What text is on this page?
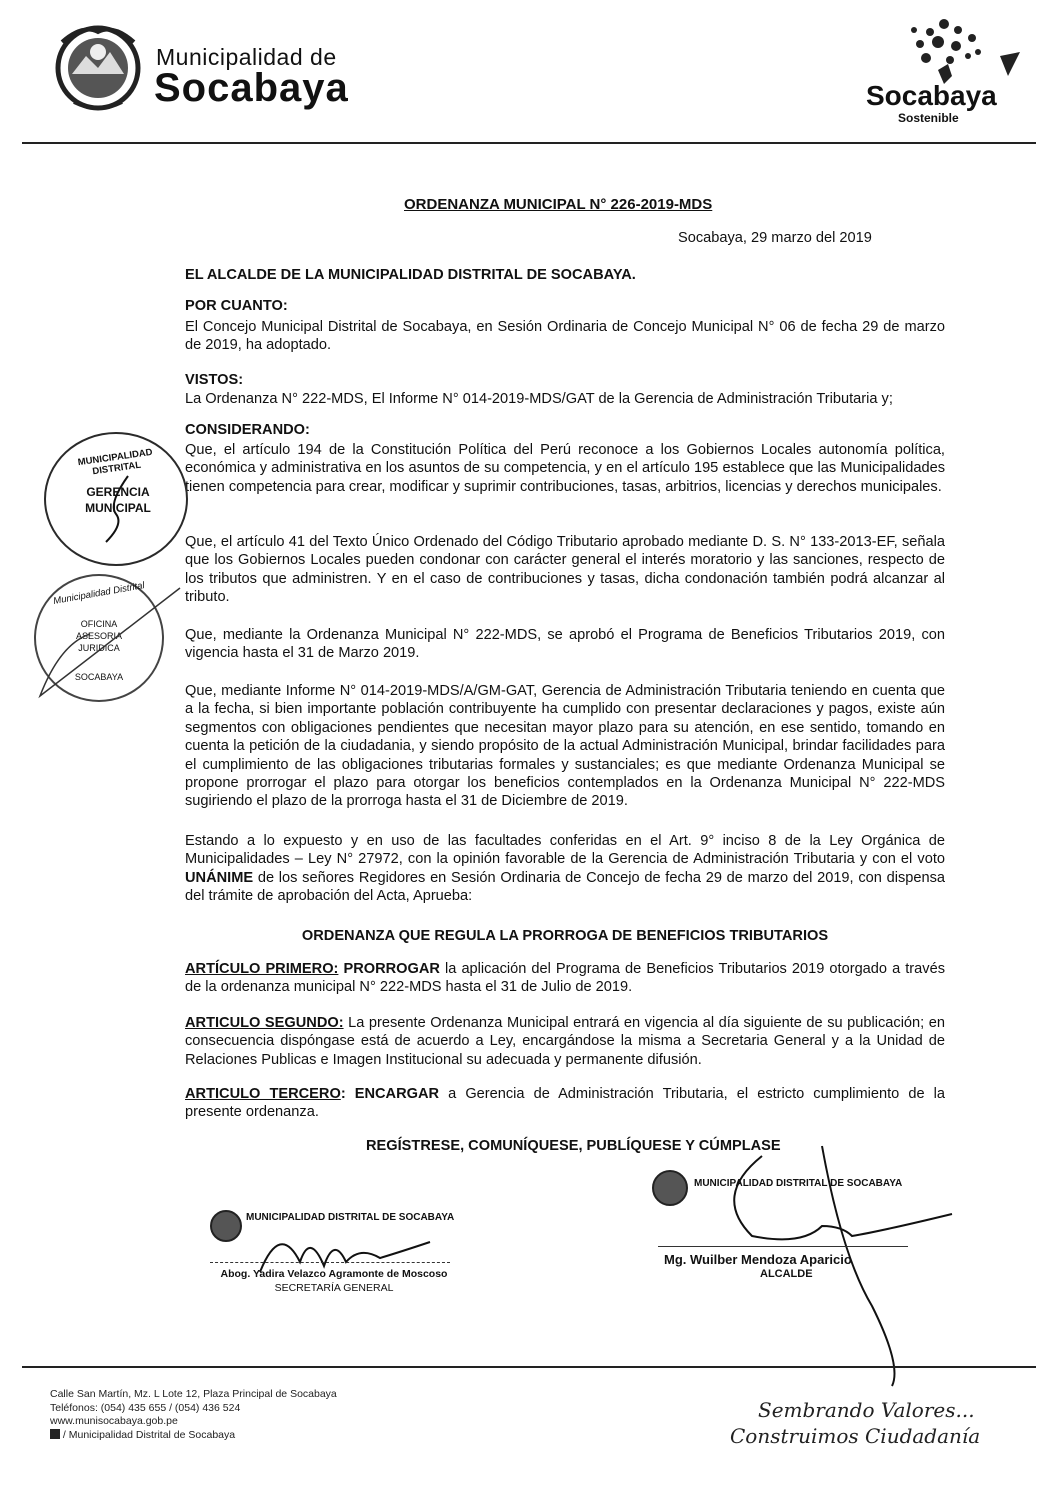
Municipalidad de
Socabaya	Socabaya
Sostenible
ORDENANZA MUNICIPAL N° 226-2019-MDS
Socabaya, 29 marzo del 2019
EL ALCALDE DE LA MUNICIPALIDAD DISTRITAL DE SOCABAYA.
POR CUANTO:
El Concejo Municipal Distrital de Socabaya, en Sesión Ordinaria de Concejo Municipal N° 06 de fecha 29 de marzo de 2019, ha adoptado.
VISTOS:
La Ordenanza N° 222-MDS, El Informe N° 014-2019-MDS/GAT de la Gerencia de Administración Tributaria y;
CONSIDERANDO:
Que, el artículo 194 de la Constitución Política del Perú reconoce a los Gobiernos Locales autonomía política, económica y administrativa en los asuntos de su competencia, y en el artículo 195 establece que las Municipalidades tienen competencia para crear, modificar y suprimir contribuciones, tasas, arbitrios, licencias y derechos municipales.
Que, el artículo 41 del Texto Único Ordenado del Código Tributario aprobado mediante D. S. N° 133-2013-EF, señala que los Gobiernos Locales pueden condonar con carácter general el interés moratorio y las sanciones, respecto de los tributos que administren. Y en el caso de contribuciones y tasas, dicha condonación también podrá alcanzar al tributo.
Que, mediante la Ordenanza Municipal N° 222-MDS, se aprobó el Programa de Beneficios Tributarios 2019, con vigencia hasta el 31 de Marzo 2019.
Que, mediante Informe N° 014-2019-MDS/A/GM-GAT, Gerencia de Administración Tributaria teniendo en cuenta que a la fecha, si bien importante población contribuyente ha cumplido con presentar declaraciones y pagos, existe aún segmentos con obligaciones pendientes que necesitan mayor plazo para su atención, en ese sentido, tomando en cuenta la petición de la ciudadania, y siendo propósito de la actual Administración Municipal, brindar facilidades para el cumplimiento de las obligaciones tributarias formales y sustanciales; es que mediante Ordenanza Municipal se propone prorrogar el plazo para otorgar los beneficios contemplados en la Ordenanza Municipal N° 222-MDS sugiriendo el plazo de la prorroga hasta el 31 de Diciembre de 2019.
Estando a lo expuesto y en uso de las facultades conferidas en el Art. 9° inciso 8 de la Ley Orgánica de Municipalidades – Ley N° 27972, con la opinión favorable de la Gerencia de Administración Tributaria y con el voto UNÁNIME de los señores Regidores en Sesión Ordinaria de Concejo de fecha 29 de marzo del 2019, con dispensa del trámite de aprobación del Acta, Aprueba:
ORDENANZA QUE REGULA LA PRORROGA DE BENEFICIOS TRIBUTARIOS
ARTÍCULO PRIMERO: PRORROGAR la aplicación del Programa de Beneficios Tributarios 2019 otorgado a través de la ordenanza municipal N° 222-MDS hasta el 31 de Julio de 2019.
ARTICULO SEGUNDO: La presente Ordenanza Municipal entrará en vigencia al día siguiente de su publicación; en consecuencia dispóngase está de acuerdo a Ley, encargándose la misma a Secretaria General y a la Unidad de Relaciones Publicas e Imagen Institucional su adecuada y permanente difusión.
ARTICULO TERCERO: ENCARGAR a Gerencia de Administración Tributaria, el estricto cumplimiento de la presente ordenanza.
REGÍSTRESE, COMUNÍQUESE, PUBLÍQUESE Y CÚMPLASE
MUNICIPALIDAD DISTRITAL
GERENCIA MUNICIPAL
Municipalidad Distrital
OFICINA ASESORIA JURIDICA
SOCABAYA
MUNICIPALIDAD DISTRITAL DE SOCABAYA
Abog. Yadira Velazco Agramonte de Moscoso
SECRETARÍA GENERAL
MUNICIPALIDAD DISTRITAL DE SOCABAYA
Mg. Wuilber Mendoza Aparicio
ALCALDE
Calle San Martín, Mz. L Lote 12, Plaza Principal de Socabaya
Teléfonos: (054) 435 655 / (054) 436 524
www.munisocabaya.gob.pe
/ Municipalidad Distrital de Socabaya
Sembrando Valores...
Construimos Ciudadanía
